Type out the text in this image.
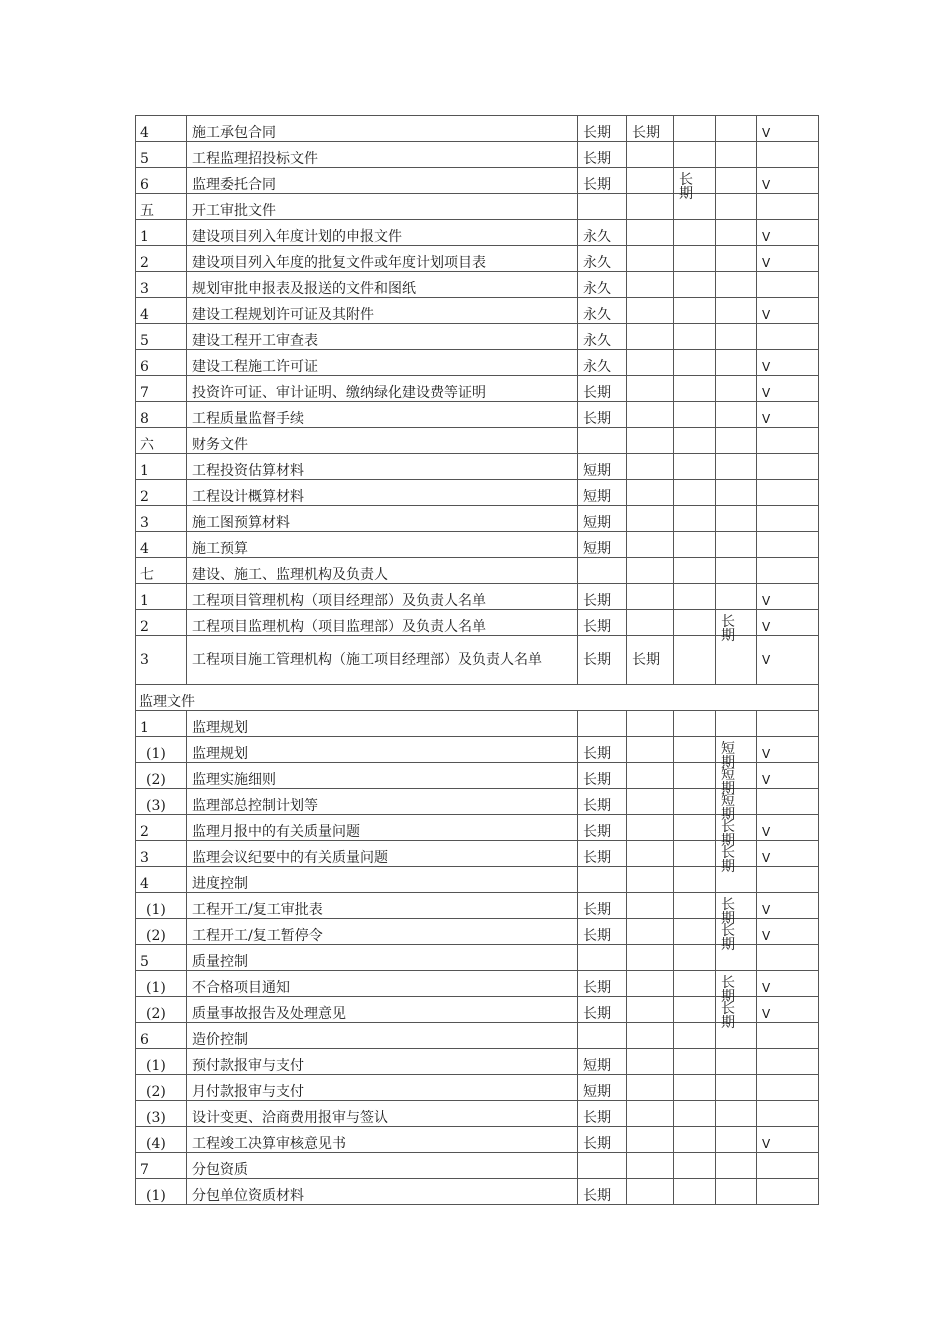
4	施工承包合同	长期	长期			V
5	工程监理招投标文件	长期				
6	监理委托合同	长期		长期		V
五	开工审批文件					
1	建设项目列入年度计划的申报文件	永久				V
2	建设项目列入年度的批复文件或年度计划项目表	永久				V
3	规划审批申报表及报送的文件和图纸	永久				
4	建设工程规划许可证及其附件	永久				V
5	建设工程开工审查表	永久				
6	建设工程施工许可证	永久				V
7	投资许可证、审计证明、缴纳绿化建设费等证明	长期				V
8	工程质量监督手续	长期				V
六	财务文件					
1	工程投资估算材料	短期				
2	工程设计概算材料	短期				
3	施工图预算材料	短期				
4	施工预算	短期				
七	建设、施工、监理机构及负责人					
1	工程项目管理机构（项目经理部）及负责人名单	长期				V
2	工程项目监理机构（项目监理部）及负责人名单	长期			长期	V
3	工程项目施工管理机构（施工项目经理部）及负责人名单	长期	长期			V
监理文件						
1	监理规划					
(1)	监理规划	长期			短期	V
(2)	监理实施细则	长期			短期	V
(3)	监理部总控制计划等	长期			短期	
2	监理月报中的有关质量问题	长期			长期	V
3	监理会议纪要中的有关质量问题	长期			长期	V
4	进度控制					
(1)	工程开工/复工审批表	长期			长期	V
(2)	工程开工/复工暂停令	长期			长期	V
5	质量控制					
(1)	不合格项目通知	长期			长期	V
(2)	质量事故报告及处理意见	长期			长期	V
6	造价控制					
(1)	预付款报审与支付	短期				
(2)	月付款报审与支付	短期				
(3)	设计变更、洽商费用报审与签认	长期				
(4)	工程竣工决算审核意见书	长期				V
7	分包资质					
(1)	分包单位资质材料	长期				
